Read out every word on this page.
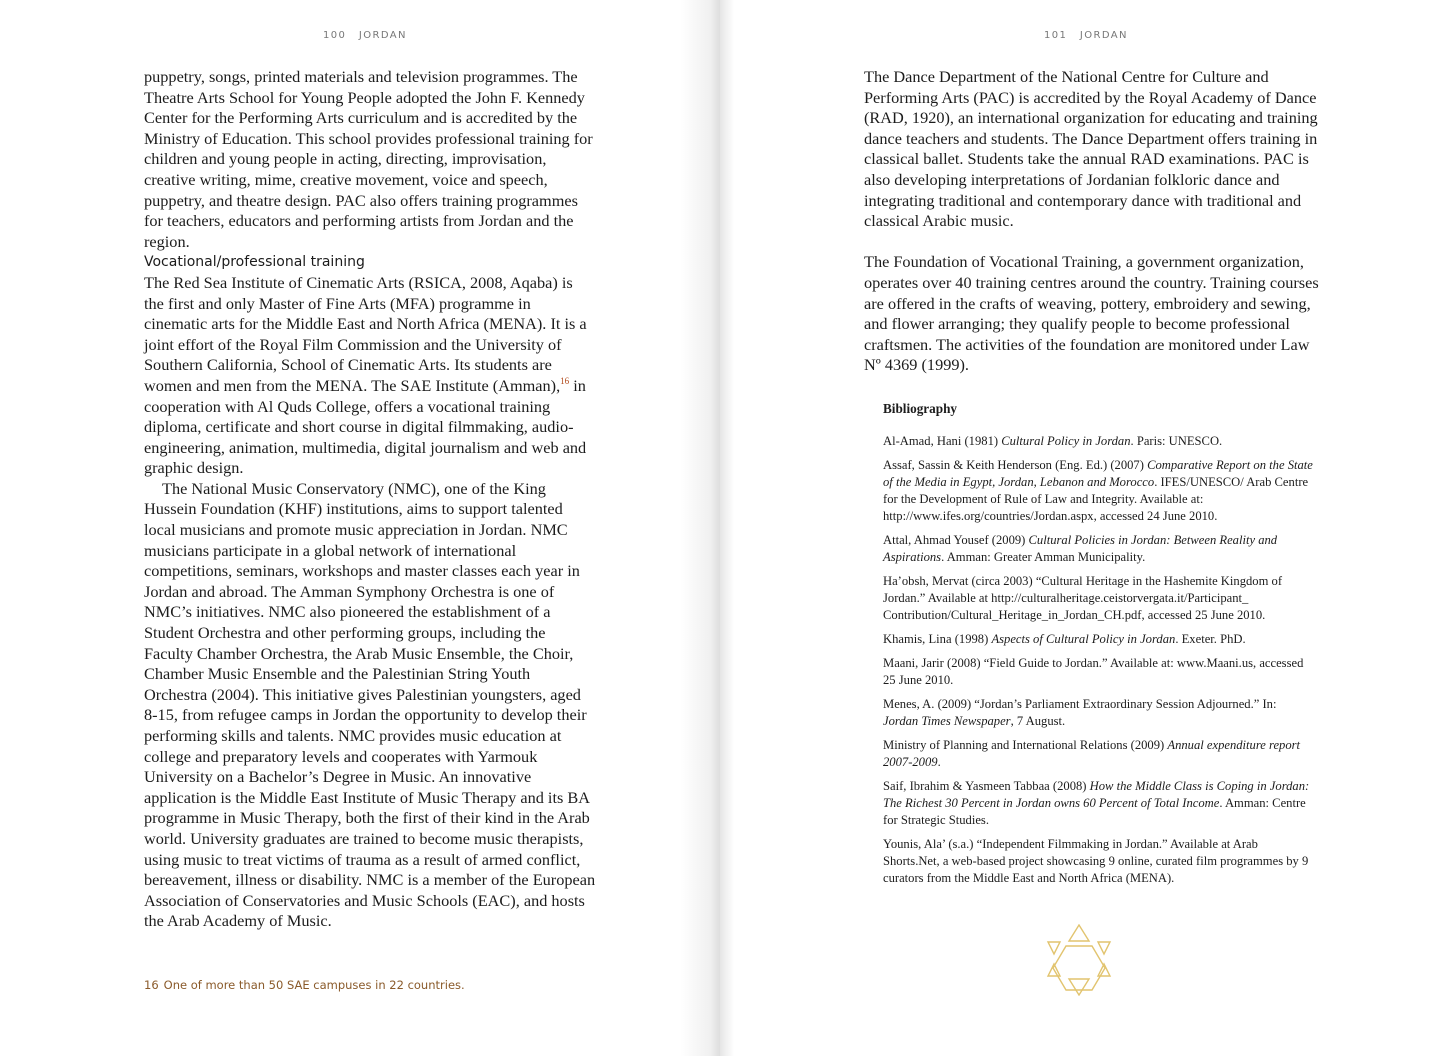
100 JORDAN

puppetry, songs, printed materials and television programmes. The Theatre Arts School for Young People adopted the John F. Kennedy Center for the Performing Arts curriculum and is accredited by the Ministry of Education. This school provides professional training for children and young people in acting, directing, improvisation, creative writing, mime, creative movement, voice and speech, puppetry, and theatre design. PAC also offers training programmes for teachers, educators and performing artists from Jordan and the region.

Vocational/professional training

The Red Sea Institute of Cinematic Arts (RSICA, 2008, Aqaba) is the first and only Master of Fine Arts (MFA) programme in cinematic arts for the Middle East and North Africa (MENA). It is a joint effort of the Royal Film Commission and the University of Southern California, School of Cinematic Arts. Its students are women and men from the MENA. The SAE Institute (Amman),$^{16}$ in cooperation with Al Quds College, offers a vocational training diploma, certificate and short course in digital filmmaking, audio-engineering, animation, multimedia, digital journalism and web and graphic design.

The National Music Conservatory (NMC), one of the King Hussein Foundation (KHF) institutions, aims to support talented local musicians and promote music appreciation in Jordan. NMC musicians participate in a global network of international competitions, seminars, workshops and master classes each year in Jordan and abroad. The Amman Symphony Orchestra is one of NMC’s initiatives. NMC also pioneered the establishment of a Student Orchestra and other performing groups, including the Faculty Chamber Orchestra, the Arab Music Ensemble, the Choir, Chamber Music Ensemble and the Palestinian String Youth Orchestra (2004). This initiative gives Palestinian youngsters, aged 8-15, from refugee camps in Jordan the opportunity to develop their performing skills and talents. NMC provides music education at college and preparatory levels and cooperates with Yarmouk University on a Bachelor’s Degree in Music. An innovative application is the Middle East Institute of Music Therapy and its BA programme in Music Therapy, both the first of their kind in the Arab world. University graduates are trained to become music therapists, using music to treat victims of trauma as a result of armed conflict, bereavement, illness or disability. NMC is a member of the European Association of Conservatories and Music Schools (EAC), and hosts the Arab Academy of Music.

16 One of more than 50 SAE campuses in 22 countries.
101 JORDAN

The Dance Department of the National Centre for Culture and Performing Arts (PAC) is accredited by the Royal Academy of Dance (RAD, 1920), an international organization for educating and training dance teachers and students. The Dance Department offers training in classical ballet. Students take the annual RAD examinations. PAC is also developing interpretations of Jordanian folkloric dance and integrating traditional and contemporary dance with traditional and classical Arabic music.

The Foundation of Vocational Training, a government organization, operates over 40 training centres around the country. Training courses are offered in the crafts of weaving, pottery, embroidery and sewing, and flower arranging; they qualify people to become professional craftsmen. The activities of the foundation are monitored under Law Nº 4369 (1999).

Bibliography

Al-Amad, Hani (1981) Cultural Policy in Jordan. Paris: UNESCO.

Assaf, Sassin & Keith Henderson (Eng. Ed.) (2007) Comparative Report on the State of the Media in Egypt, Jordan, Lebanon and Morocco. IFES/UNESCO/ Arab Centre for the Development of Rule of Law and Integrity. Available at: http://www.ifes.org/countries/Jordan.aspx, accessed 24 June 2010.

Attal, Ahmad Yousef (2009) Cultural Policies in Jordan: Between Reality and Aspirations. Amman: Greater Amman Municipality.

Ha’obsh, Mervat (circa 2003) “Cultural Heritage in the Hashemite Kingdom of Jordan.” Available at http://culturalheritage.ceistorvergata.it/Participant_ Contribution/Cultural_Heritage_in_Jordan_CH.pdf, accessed 25 June 2010.

Khamis, Lina (1998) Aspects of Cultural Policy in Jordan. Exeter. PhD.

Maani, Jarir (2008) “Field Guide to Jordan.” Available at: www.Maani.us, accessed 25 June 2010.

Menes, A. (2009) “Jordan’s Parliament Extraordinary Session Adjourned.” In: Jordan Times Newspaper, 7 August.

Ministry of Planning and International Relations (2009) Annual expenditure report 2007-2009.

Saif, Ibrahim & Yasmeen Tabbaa (2008) How the Middle Class is Coping in Jordan: The Richest 30 Percent in Jordan owns 60 Percent of Total Income. Amman: Centre for Strategic Studies.

Younis, Ala’ (s.a.) “Independent Filmmaking in Jordan.” Available at Arab Shorts.Net, a web-based project showcasing 9 online, curated film programmes by 9 curators from the Middle East and North Africa (MENA).
